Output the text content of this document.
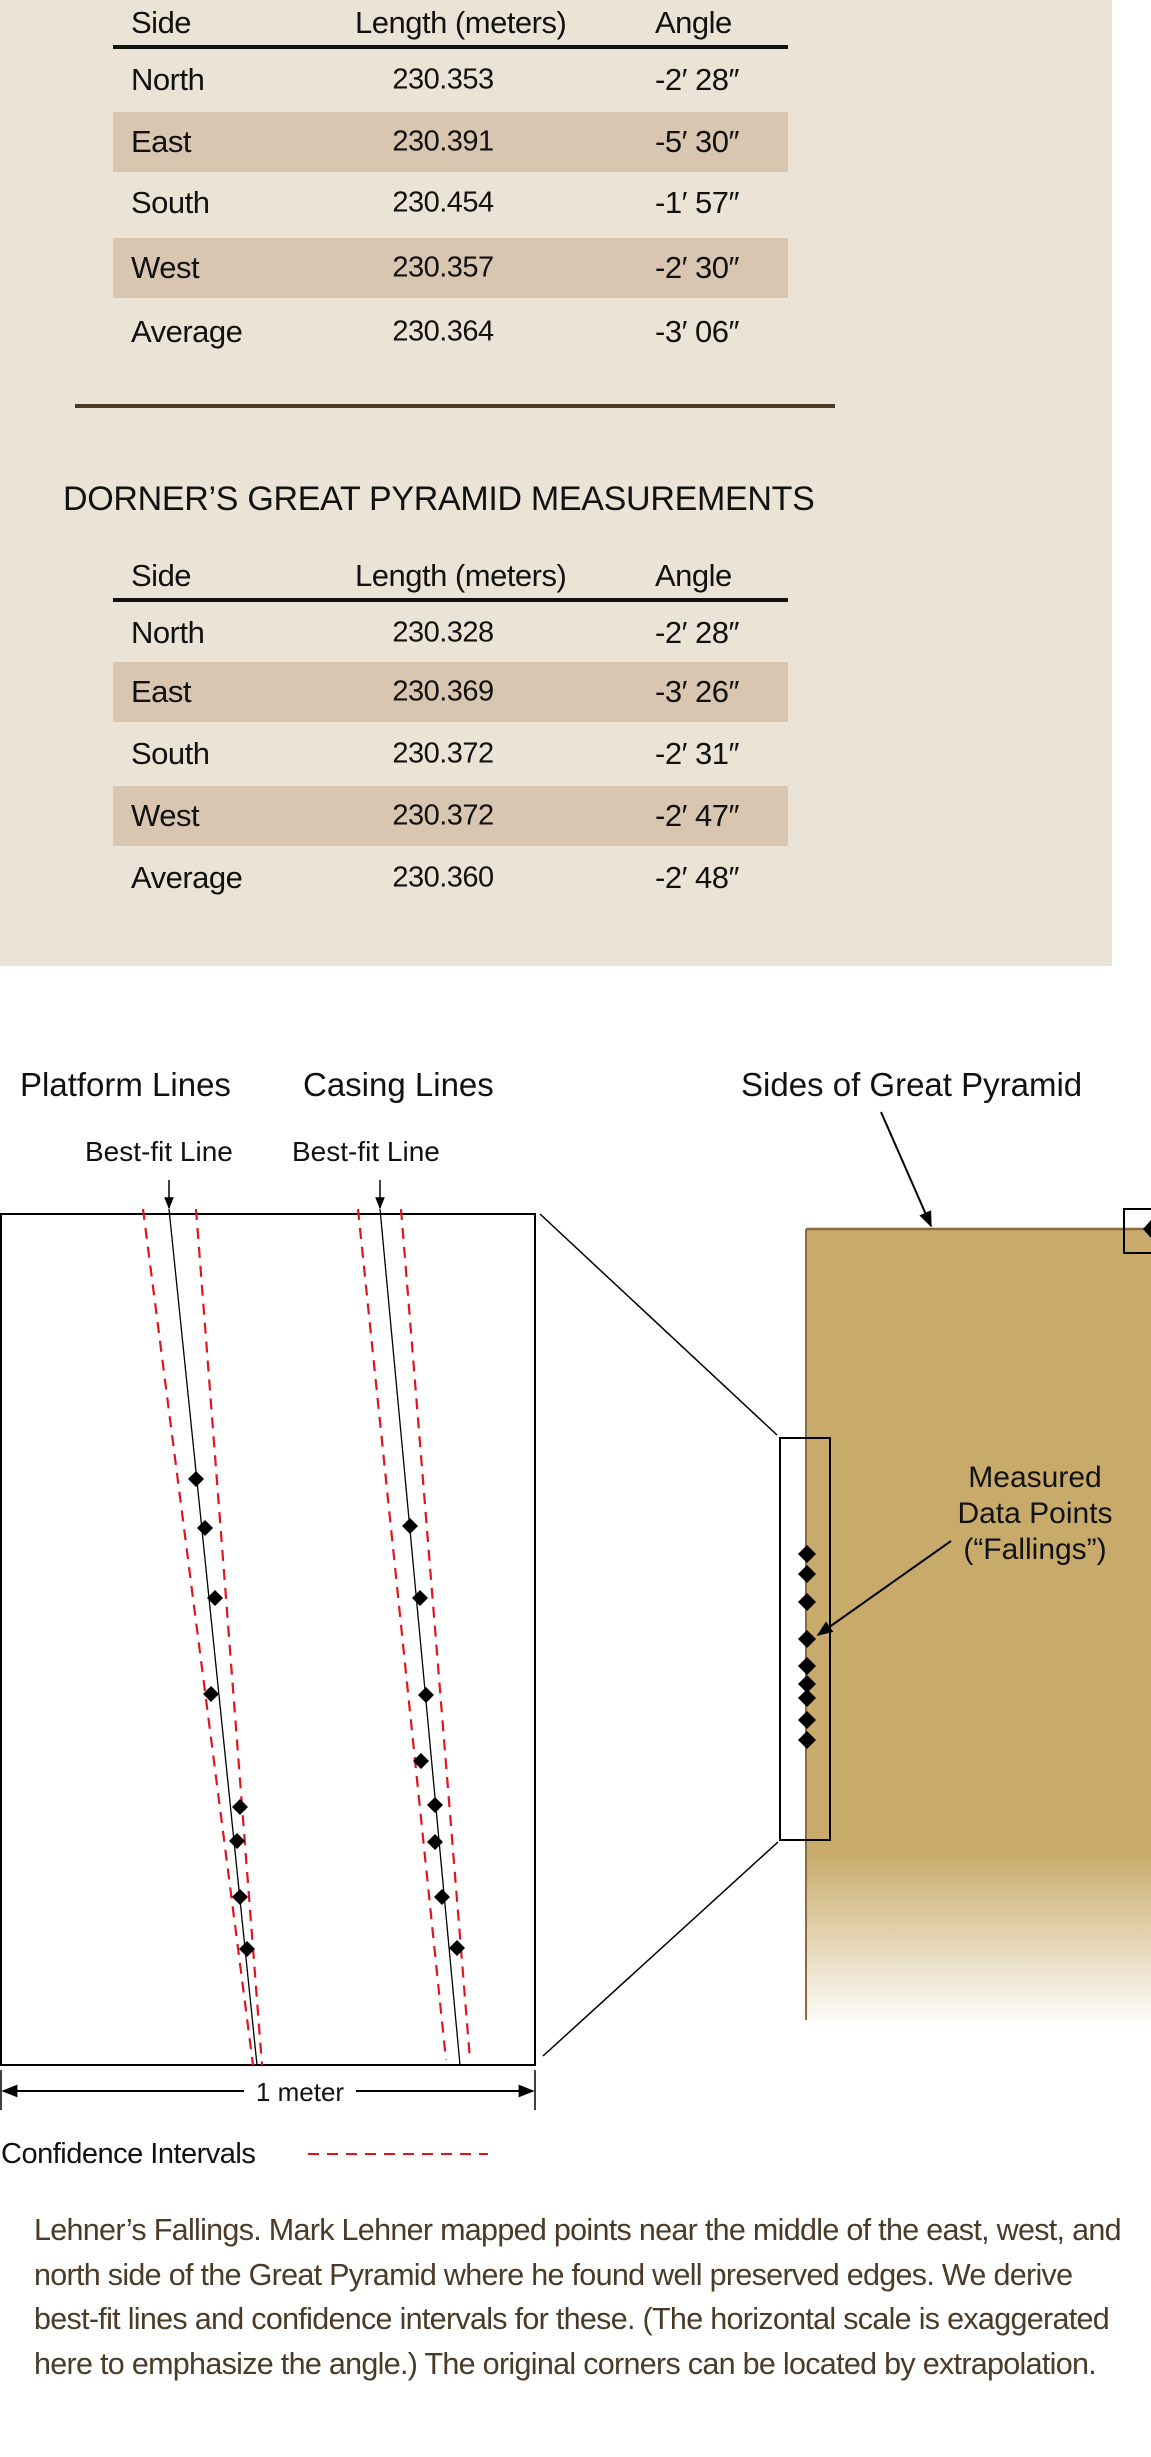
Side	Length (meters)	Angle
North	230.353	-2′ 28″
East	230.391	-5′ 30″
South	230.454	-1′ 57″
West	230.357	-2′ 30″
Average	230.364	-3′ 06″
DORNER’S GREAT PYRAMID MEASUREMENTS
Side	Length (meters)	Angle
North	230.328	-2′ 28″
East	230.369	-3′ 26″
South	230.372	-2′ 31″
West	230.372	-2′ 47″
Average	230.360	-2′ 48″
Platform Lines Casing Lines	Sides of Great Pyramid
Best-fit Line Best-fit Line
Measured
Data Points
(“Fallings”)
1 meter
Confidence Intervals
Lehner’s Fallings. Mark Lehner mapped points near the middle of the east, west, and north side of the Great Pyramid where he found well preserved edges. We derive best-fit lines and confidence intervals for these. (The horizontal scale is exaggerated here to emphasize the angle.) The original corners can be located by extrapolation.
